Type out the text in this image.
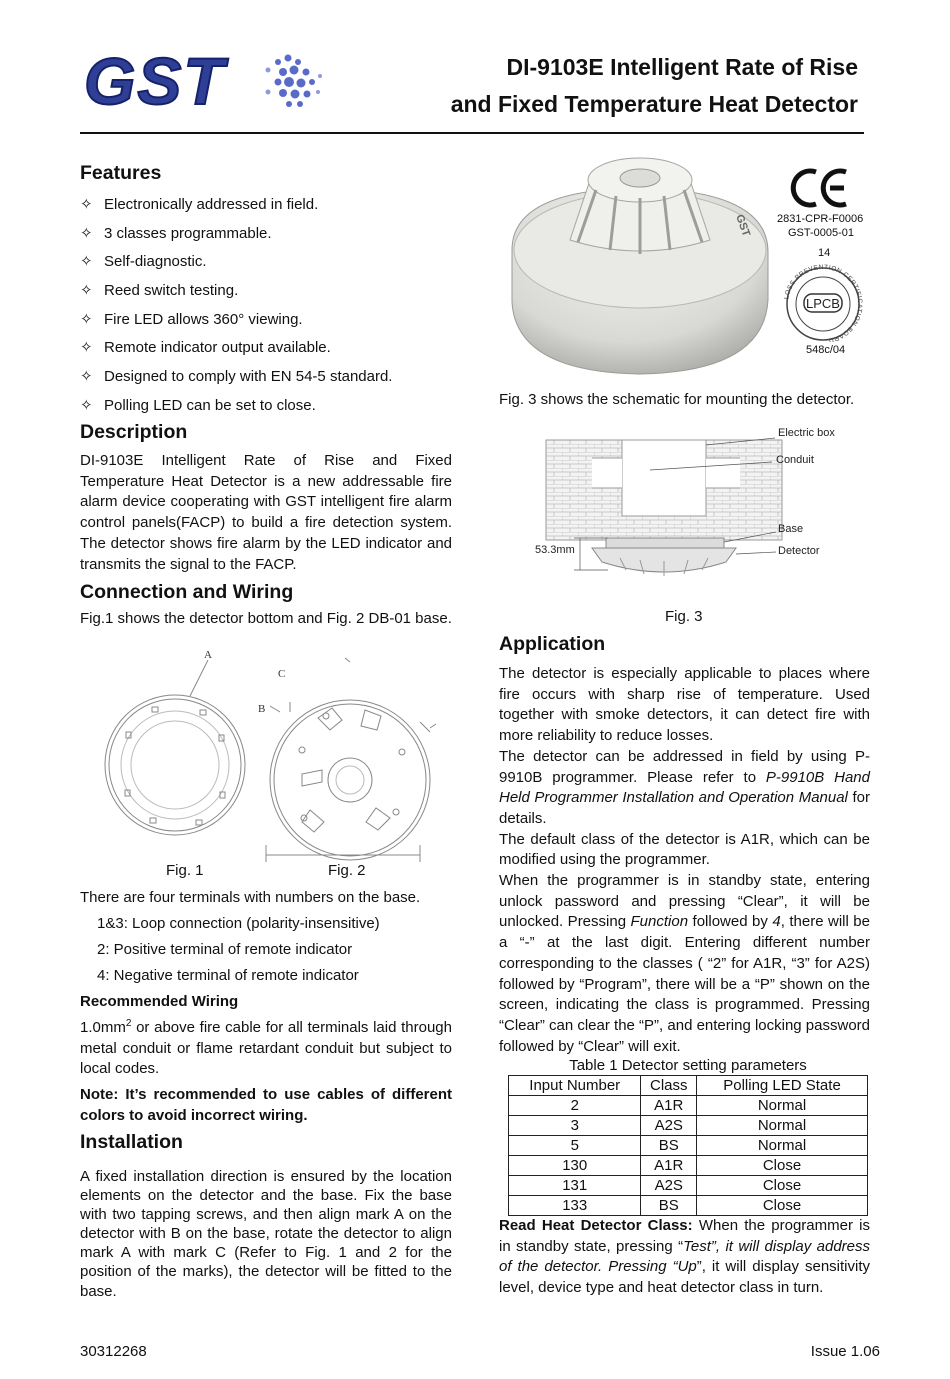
GST	DI-9103E Intelligent Rate of Rise
and Fixed Temperature Heat Detector
Features
✧ Electronically addressed in field.
✧ 3 classes programmable.
✧ Self-diagnostic.
✧ Reed switch testing.
✧ Fire LED allows 360° viewing.
✧ Remote indicator output available.
✧ Designed to comply with EN 54-5 standard.
✧ Polling LED can be set to close.
Description
DI-9103E Intelligent Rate of Rise and Fixed Temperature Heat Detector is a new addressable fire alarm device cooperating with GST intelligent fire alarm control panels(FACP) to build a fire detection system. The detector shows fire alarm by the LED indicator and transmits the signal to the FACP.
Connection and Wiring
Fig.1 shows the detector bottom and Fig. 2 DB-01 base.
A
C
B
Fig. 1	Fig. 2
There are four terminals with numbers on the base.
1&3: Loop connection (polarity-insensitive)
2: Positive terminal of remote indicator
4: Negative terminal of remote indicator
Recommended Wiring
$1.0mm^2$ or above fire cable for all terminals laid through metal conduit or flame retardant conduit but subject to local codes.
Note: It’s recommended to use cables of different colors to avoid incorrect wiring.
Installation
A fixed installation direction is ensured by the location elements on the detector and the base. Fix the base with two tapping screws, and then align mark A on the detector with B on the base, rotate the detector to align mark A with mark C (Refer to Fig. 1 and 2 for the position of the marks), the detector will be fitted to the base.
GST 2831-CPR-F0006
GST-0005-01
14
LOSS PREVENTION CERTIFICATION BOARD
LPCB
548c/04
Fig. 3 shows the schematic for mounting the detector.
Electric box
Conduit
Base
Detector
53.3mm
Fig. 3
Application
The detector is especially applicable to places where fire occurs with sharp rise of temperature. Used together with smoke detectors, it can detect fire with more reliability to reduce losses.
The detector can be addressed in field by using P-9910B programmer. Please refer to P-9910B Hand Held Programmer Installation and Operation Manual for details.
The default class of the detector is A1R, which can be modified using the programmer.
When the programmer is in standby state, entering unlock password and pressing “Clear”, it will be unlocked. Pressing Function followed by 4, there will be a “-” at the last digit. Entering different number corresponding to the classes ( “2” for A1R, “3” for A2S) followed by “Program”, there will be a “P” shown on the screen, indicating the class is programmed. Pressing “Clear” can clear the “P”, and entering locking password followed by “Clear” will exit.
Table 1 Detector setting parameters
Input Number	Class	Polling LED State
2	A1R	Normal
3	A2S	Normal
5	BS	Normal
130	A1R	Close
131	A2S	Close
133	BS	Close
Read Heat Detector Class: When the programmer is in standby state, pressing “Test”, it will display address of the detector. Pressing “Up”, it will display sensitivity level, device type and heat detector class in turn.
30312268	Issue 1.06
